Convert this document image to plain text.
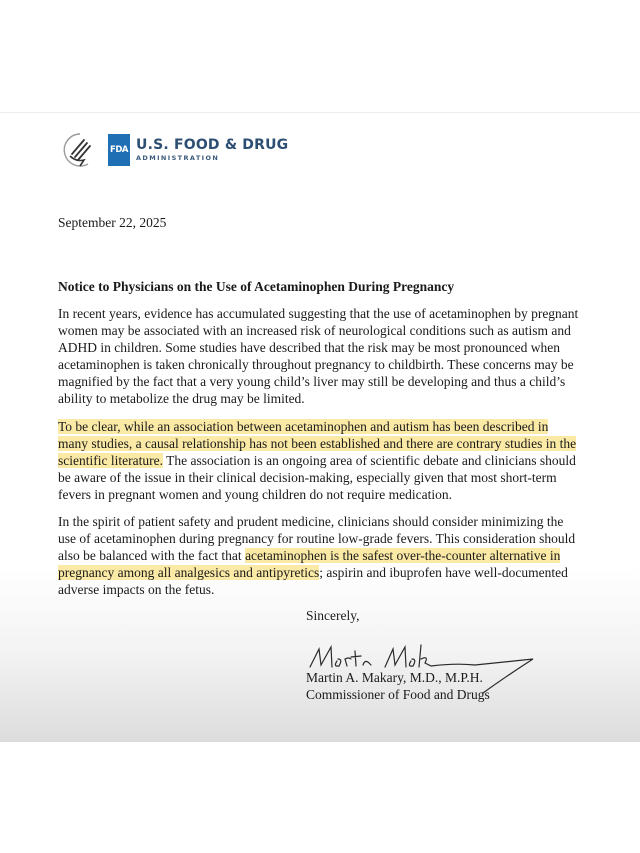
FDA U.S. FOOD & DRUG
ADMINISTRATION
September 22, 2025
Notice to Physicians on the Use of Acetaminophen During Pregnancy
In recent years, evidence has accumulated suggesting that the use of acetaminophen by pregnant
women may be associated with an increased risk of neurological conditions such as autism and
ADHD in children. Some studies have described that the risk may be most pronounced when
acetaminophen is taken chronically throughout pregnancy to childbirth. These concerns may be
magnified by the fact that a very young child’s liver may still be developing and thus a child’s
ability to metabolize the drug may be limited.
To be clear, while an association between acetaminophen and autism has been described in
many studies, a causal relationship has not been established and there are contrary studies in the
scientific literature. The association is an ongoing area of scientific debate and clinicians should
be aware of the issue in their clinical decision-making, especially given that most short-term
fevers in pregnant women and young children do not require medication.
In the spirit of patient safety and prudent medicine, clinicians should consider minimizing the
use of acetaminophen during pregnancy for routine low-grade fevers. This consideration should
also be balanced with the fact that acetaminophen is the safest over-the-counter alternative in
pregnancy among all analgesics and antipyretics; aspirin and ibuprofen have well-documented
adverse impacts on the fetus.
Sincerely,
Martin A. Makary, M.D., M.P.H.
Commissioner of Food and Drugs
